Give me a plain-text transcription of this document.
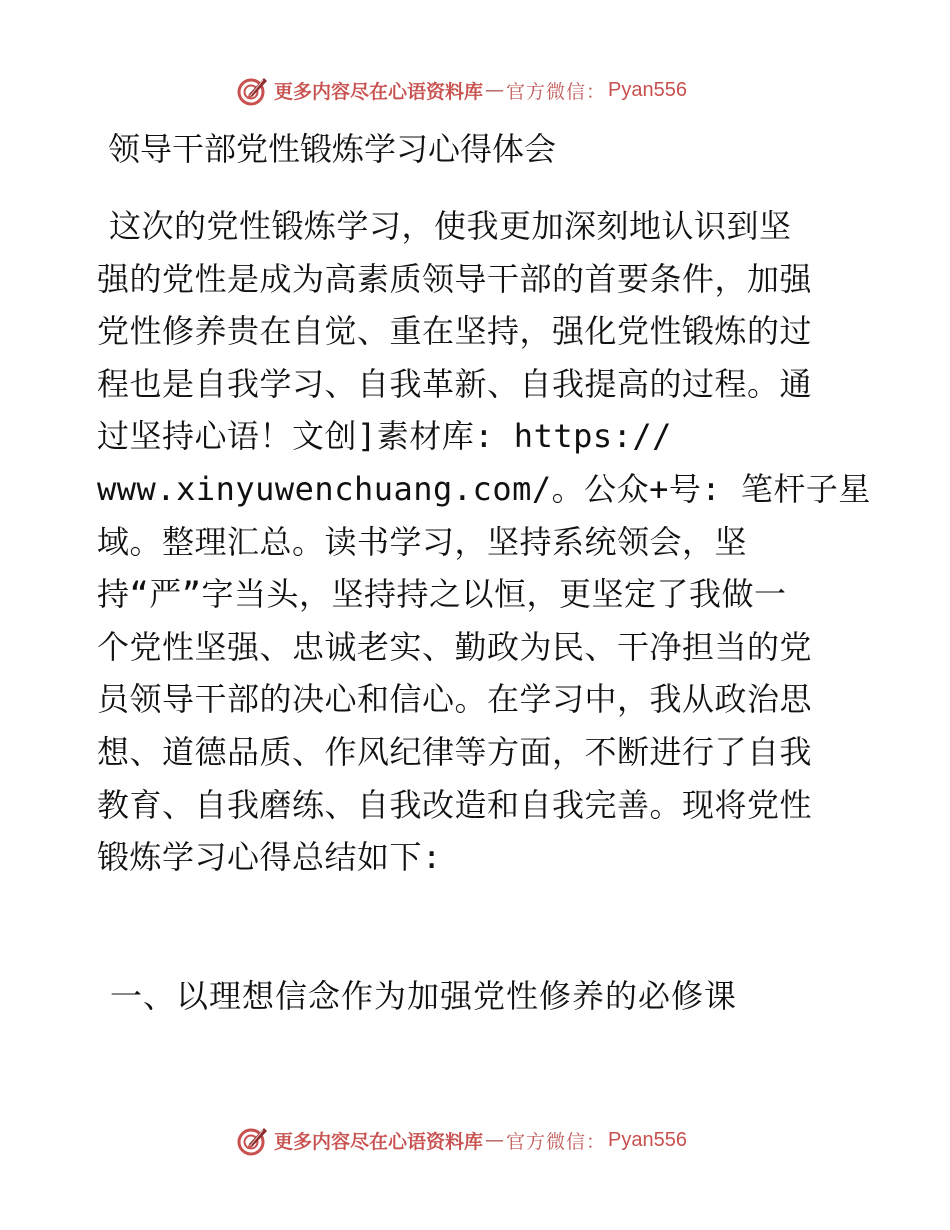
更多内容尽在心语资料库 — 官方微信： Pyan556
领导干部党性锻炼学习心得体会
这次的党性锻炼学习，使我更加深刻地认识到坚
强的党性是成为高素质领导干部的首要条件，加强
党性修养贵在自觉、重在坚持，强化党性锻炼的过
程也是自我学习、自我革新、自我提高的过程。通
过坚持心语！文创]素材库: https://
www.xinyuwenchuang.com/。公众+号: 笔杆子星
域。整理汇总。读书学习，坚持系统领会，坚
持“严”字当头，坚持持之以恒，更坚定了我做一
个党性坚强、忠诚老实、勤政为民、干净担当的党
员领导干部的决心和信心。在学习中，我从政治思
想、道德品质、作风纪律等方面，不断进行了自我
教育、自我磨练、自我改造和自我完善。现将党性
锻炼学习心得总结如下:
一、以理想信念作为加强党性修养的必修课
更多内容尽在心语资料库 — 官方微信： Pyan556
